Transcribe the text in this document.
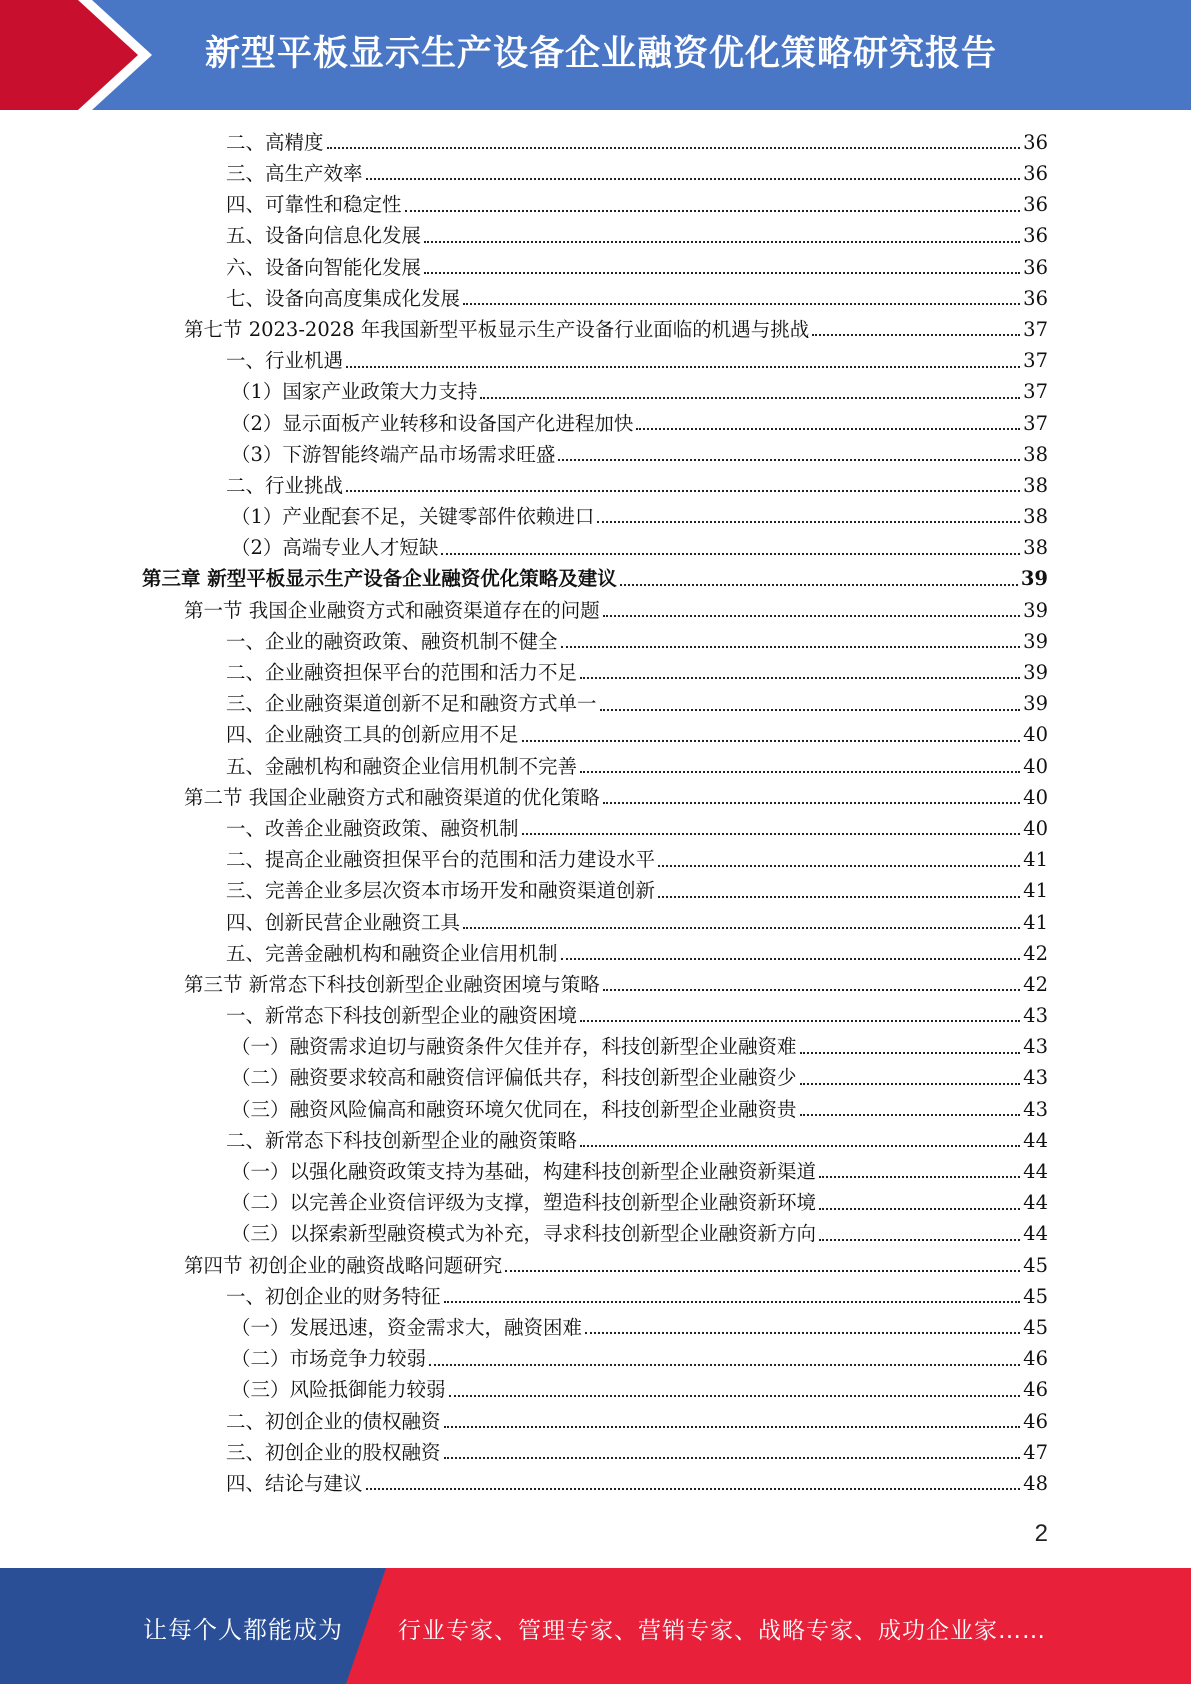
新型平板显示生产设备企业融资优化策略研究报告
二、高精度	36
三、高生产效率	36
四、可靠性和稳定性	36
五、设备向信息化发展	36
六、设备向智能化发展	36
七、设备向高度集成化发展	36
第七节 2023-2028 年我国新型平板显示生产设备行业面临的机遇与挑战	37
一、行业机遇	37
（1）国家产业政策大力支持	37
（2）显示面板产业转移和设备国产化进程加快	37
（3）下游智能终端产品市场需求旺盛	38
二、行业挑战	38
（1）产业配套不足，关键零部件依赖进口	38
（2）高端专业人才短缺	38
第三章 新型平板显示生产设备企业融资优化策略及建议	39
第一节 我国企业融资方式和融资渠道存在的问题	39
一、企业的融资政策、融资机制不健全	39
二、企业融资担保平台的范围和活力不足	39
三、企业融资渠道创新不足和融资方式单一	39
四、企业融资工具的创新应用不足	40
五、金融机构和融资企业信用机制不完善	40
第二节 我国企业融资方式和融资渠道的优化策略	40
一、改善企业融资政策、融资机制	40
二、提高企业融资担保平台的范围和活力建设水平	41
三、完善企业多层次资本市场开发和融资渠道创新	41
四、创新民营企业融资工具	41
五、完善金融机构和融资企业信用机制	42
第三节 新常态下科技创新型企业融资困境与策略	42
一、新常态下科技创新型企业的融资困境	43
（一）融资需求迫切与融资条件欠佳并存，科技创新型企业融资难	43
（二）融资要求较高和融资信评偏低共存，科技创新型企业融资少	43
（三）融资风险偏高和融资环境欠优同在，科技创新型企业融资贵	43
二、新常态下科技创新型企业的融资策略	44
（一）以强化融资政策支持为基础，构建科技创新型企业融资新渠道	44
（二）以完善企业资信评级为支撑，塑造科技创新型企业融资新环境	44
（三）以探索新型融资模式为补充，寻求科技创新型企业融资新方向	44
第四节 初创企业的融资战略问题研究	45
一、初创企业的财务特征	45
（一）发展迅速，资金需求大，融资困难	45
（二）市场竞争力较弱	46
（三）风险抵御能力较弱	46
二、初创企业的债权融资	46
三、初创企业的股权融资	47
四、结论与建议	48
2
让每个人都能成为 行业专家、管理专家、营销专家、战略专家、成功企业家……
